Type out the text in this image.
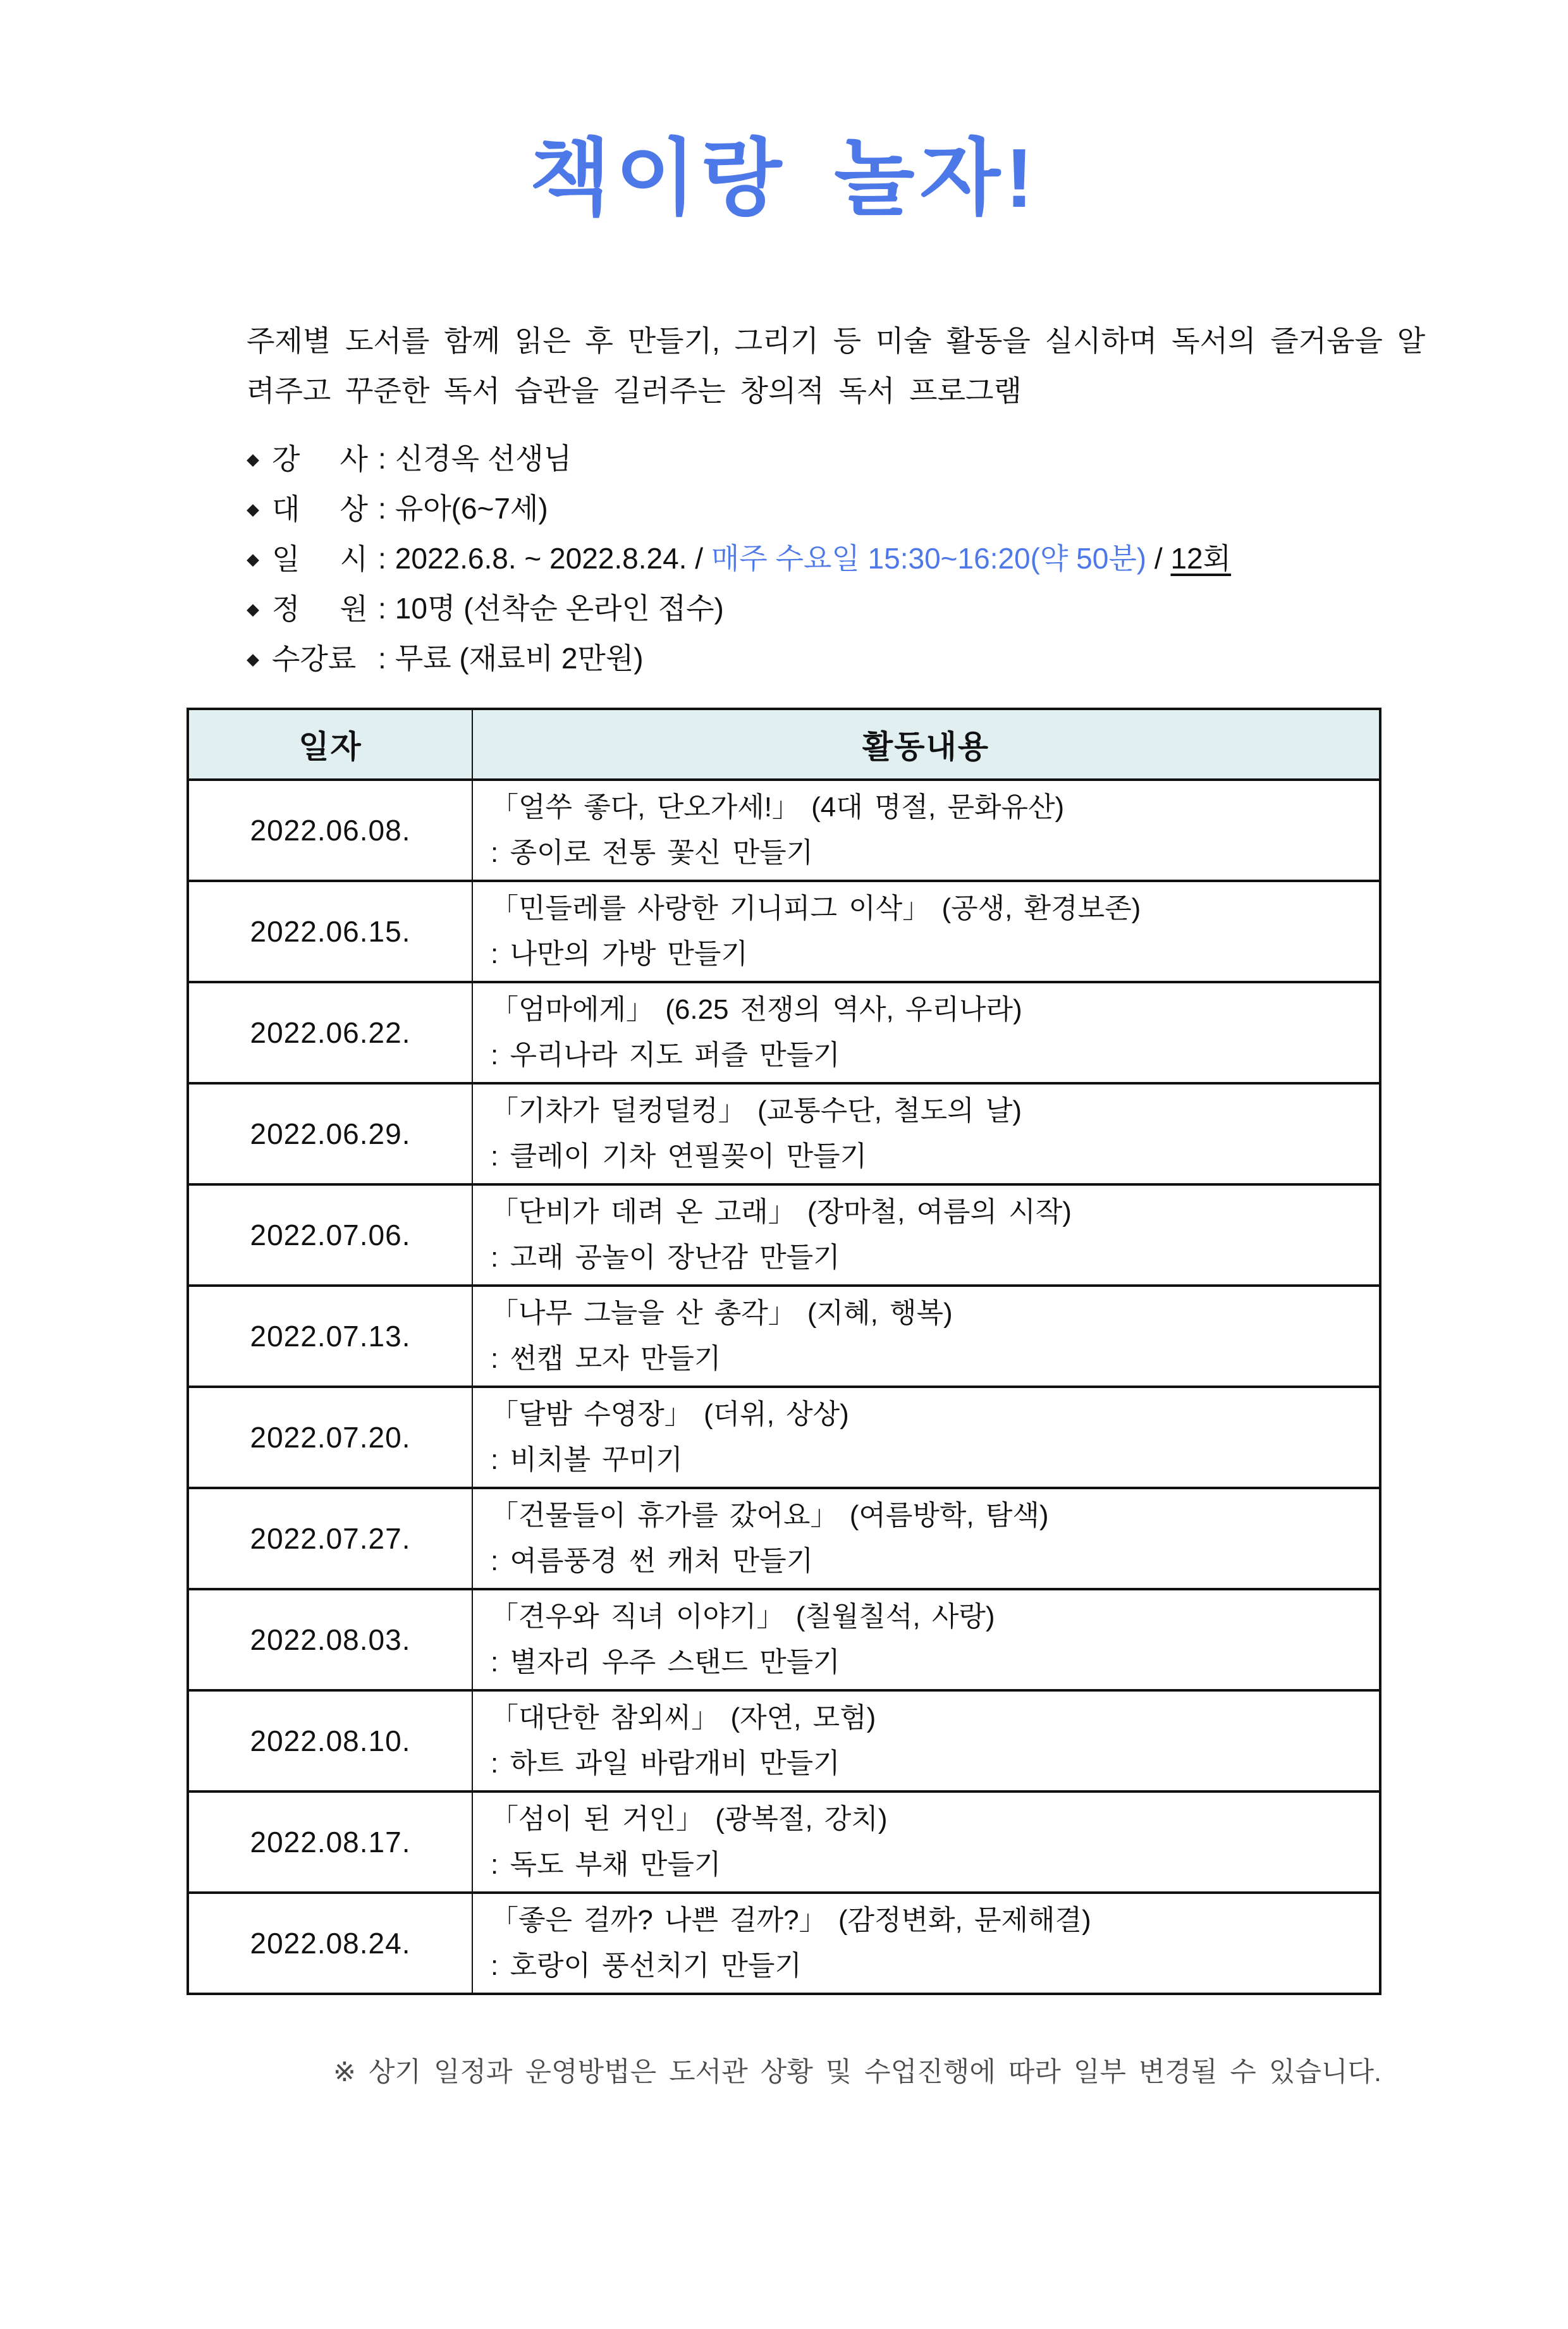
책이랑 놀자!

주제별 도서를 함께 읽은 후 만들기, 그리기 등 미술 활동을 실시하며 독서의 즐거움을 알려주고 꾸준한 독서 습관을 길러주는 창의적 독서 프로그램

◆ 강 사 : 신경옥 선생님
◆ 대 상 : 유아(6~7세)
◆ 일 시 : 2022.6.8. ~ 2022.8.24. / 매주 수요일 15:30~16:20(약 50분) / 12회
◆ 정 원 : 10명 (선착순 온라인 접수)
◆ 수강료 : 무료 (재료비 2만원)
일자	활동내용
2022.06.08.	「얼쑤 좋다, 단오가세!」 (4대 명절, 문화유산)
: 종이로 전통 꽃신 만들기

2022.06.15.	「민들레를 사랑한 기니피그 이삭」 (공생, 환경보존)
: 나만의 가방 만들기

2022.06.22.	「엄마에게」 (6.25 전쟁의 역사, 우리나라)
: 우리나라 지도 퍼즐 만들기

2022.06.29.	「기차가 덜컹덜컹」 (교통수단, 철도의 날)
: 클레이 기차 연필꽂이 만들기

2022.07.06.	「단비가 데려 온 고래」 (장마철, 여름의 시작)
: 고래 공놀이 장난감 만들기

2022.07.13.	「나무 그늘을 산 총각」 (지혜, 행복)
: 썬캡 모자 만들기

2022.07.20.	「달밤 수영장」 (더위, 상상)
: 비치볼 꾸미기

2022.07.27.	「건물들이 휴가를 갔어요」 (여름방학, 탐색)
: 여름풍경 썬 캐처 만들기

2022.08.03.	「견우와 직녀 이야기」 (칠월칠석, 사랑)
: 별자리 우주 스탠드 만들기

2022.08.10.	「대단한 참외씨」 (자연, 모험)
: 하트 과일 바람개비 만들기

2022.08.17.	「섬이 된 거인」 (광복절, 강치)
: 독도 부채 만들기

2022.08.24.	「좋은 걸까? 나쁜 걸까?」 (감정변화, 문제해결)
: 호랑이 풍선치기 만들기

※ 상기 일정과 운영방법은 도서관 상황 및 수업진행에 따라 일부 변경될 수 있습니다.
